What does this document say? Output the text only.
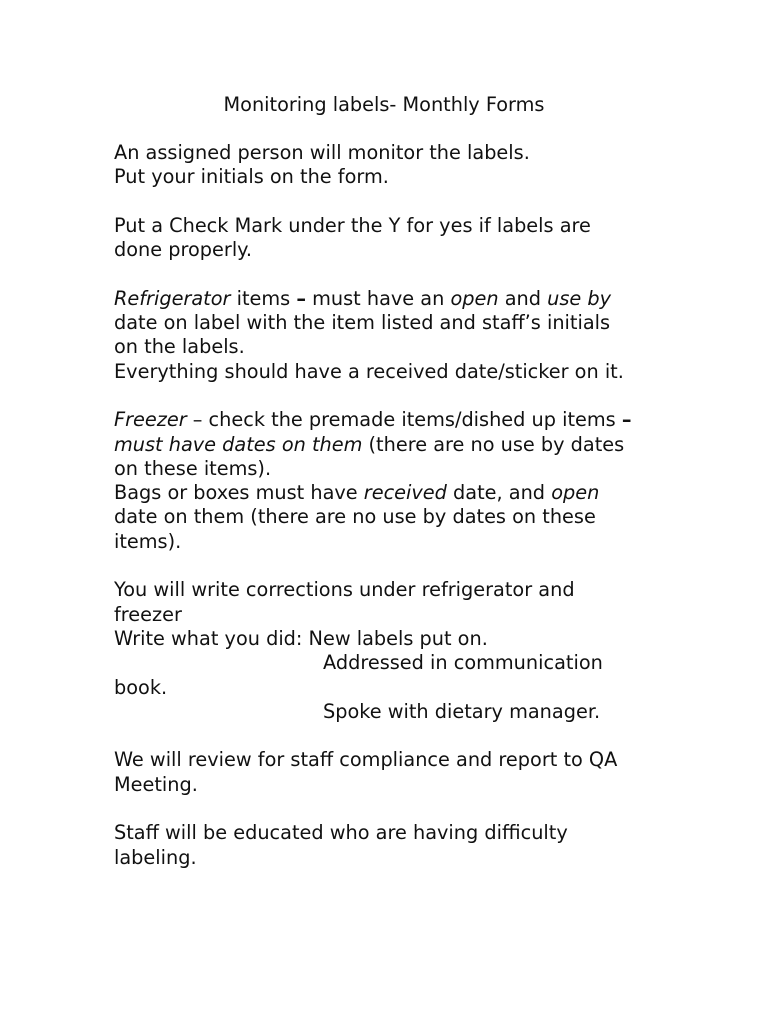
Monitoring labels- Monthly Forms
An assigned person will monitor the labels.
Put your initials on the form.
Put a Check Mark under the Y for yes if labels are
done properly.
Refrigerator items – must have an open and use by
date on label with the item listed and staff’s initials
on the labels.
Everything should have a received date/sticker on it.
Freezer – check the premade items/dished up items –
must have dates on them (there are no use by dates
on these items).
Bags or boxes must have received date, and open
date on them (there are no use by dates on these
items).
You will write corrections under refrigerator and
freezer
Write what you did: New labels put on.
Addressed in communication
book.
Spoke with dietary manager.
We will review for staff compliance and report to QA
Meeting.
Staff will be educated who are having difficulty
labeling.
